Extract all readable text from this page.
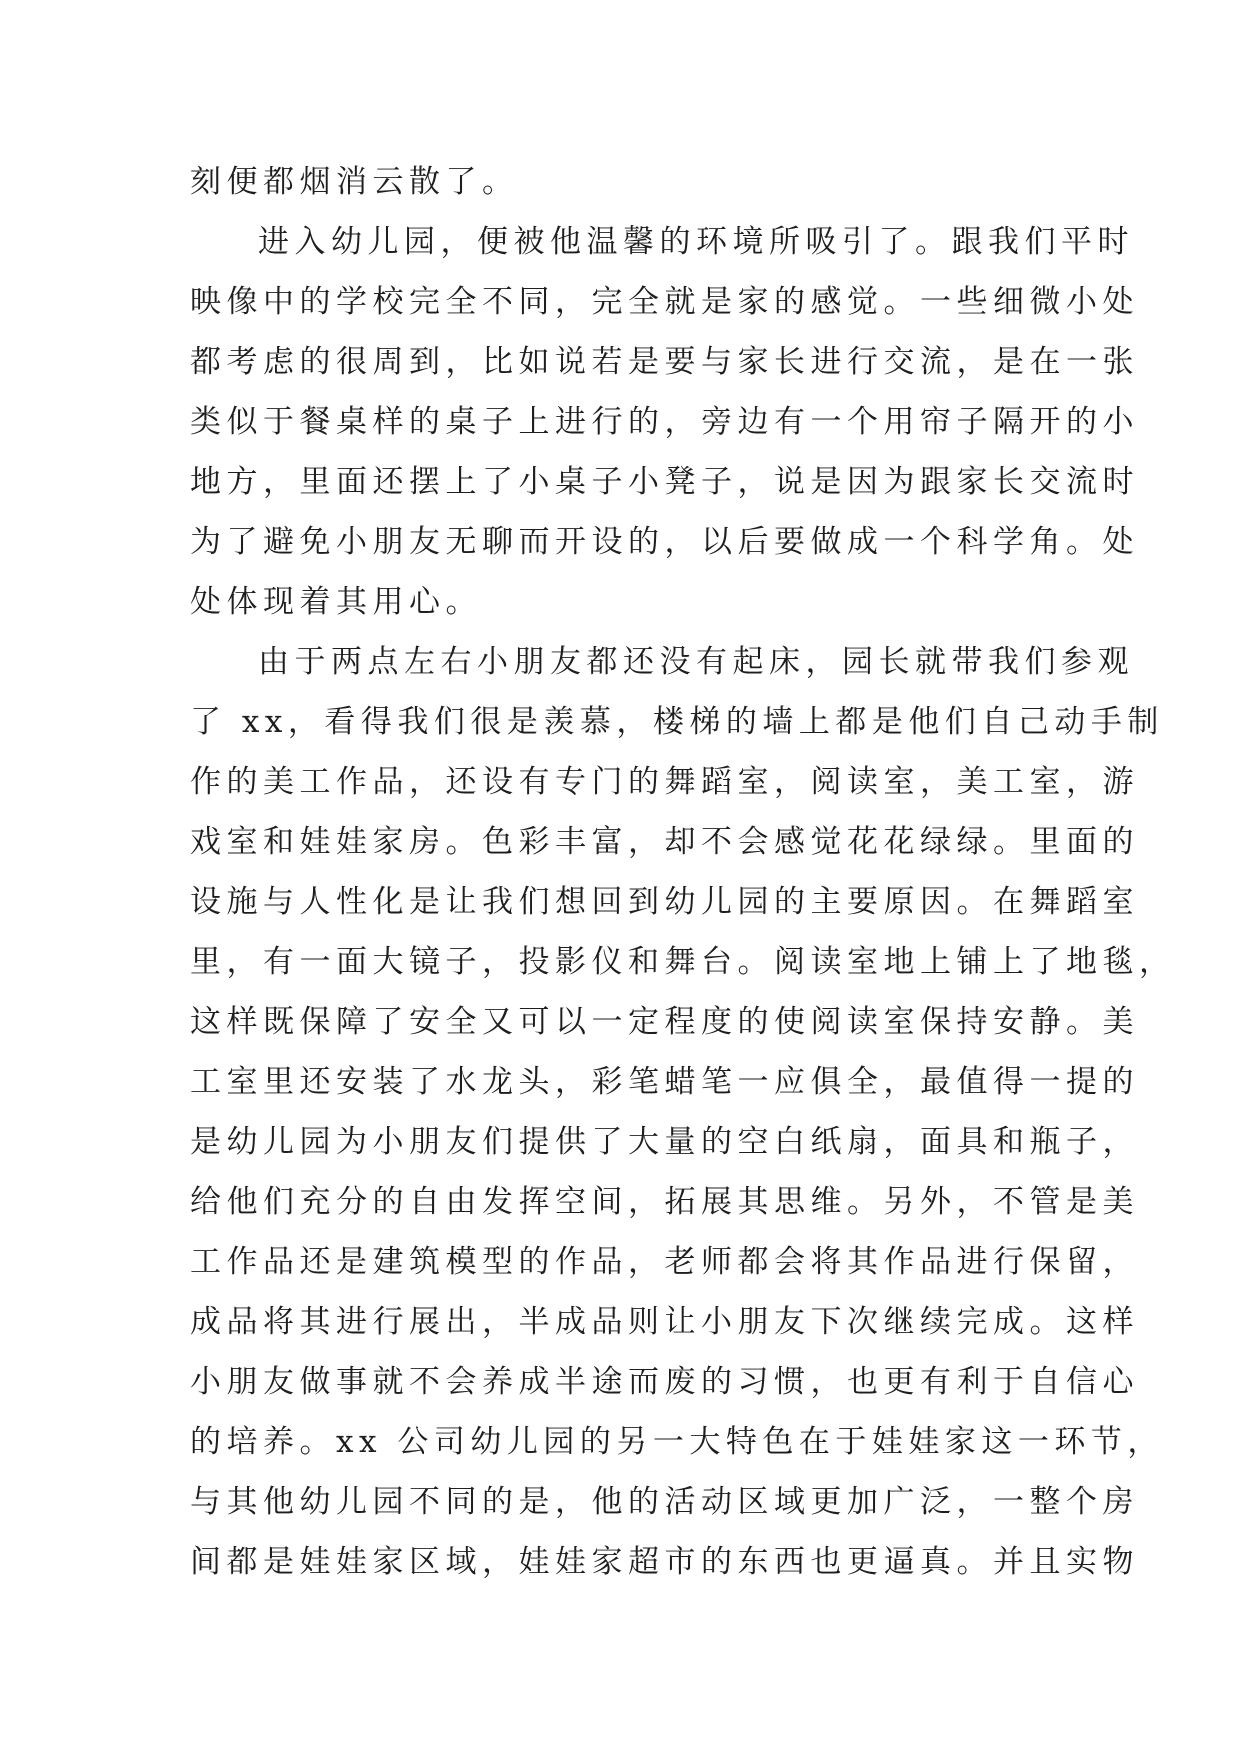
刻便都烟消云散了。
进入幼儿园，便被他温馨的环境所吸引了。跟我们平时
映像中的学校完全不同，完全就是家的感觉。一些细微小处
都考虑的很周到，比如说若是要与家长进行交流，是在一张
类似于餐桌样的桌子上进行的，旁边有一个用帘子隔开的小
地方，里面还摆上了小桌子小凳子，说是因为跟家长交流时
为了避免小朋友无聊而开设的，以后要做成一个科学角。处
处体现着其用心。
由于两点左右小朋友都还没有起床，园长就带我们参观
了 xx，看得我们很是羡慕，楼梯的墙上都是他们自己动手制
作的美工作品，还设有专门的舞蹈室，阅读室，美工室，游
戏室和娃娃家房。色彩丰富，却不会感觉花花绿绿。里面的
设施与人性化是让我们想回到幼儿园的主要原因。在舞蹈室
里，有一面大镜子，投影仪和舞台。阅读室地上铺上了地毯，
这样既保障了安全又可以一定程度的使阅读室保持安静。美
工室里还安装了水龙头，彩笔蜡笔一应俱全，最值得一提的
是幼儿园为小朋友们提供了大量的空白纸扇，面具和瓶子，
给他们充分的自由发挥空间，拓展其思维。另外，不管是美
工作品还是建筑模型的作品，老师都会将其作品进行保留，
成品将其进行展出，半成品则让小朋友下次继续完成。这样
小朋友做事就不会养成半途而废的习惯，也更有利于自信心
的培养。xx 公司幼儿园的另一大特色在于娃娃家这一环节，
与其他幼儿园不同的是，他的活动区域更加广泛，一整个房
间都是娃娃家区域，娃娃家超市的东西也更逼真。并且实物
